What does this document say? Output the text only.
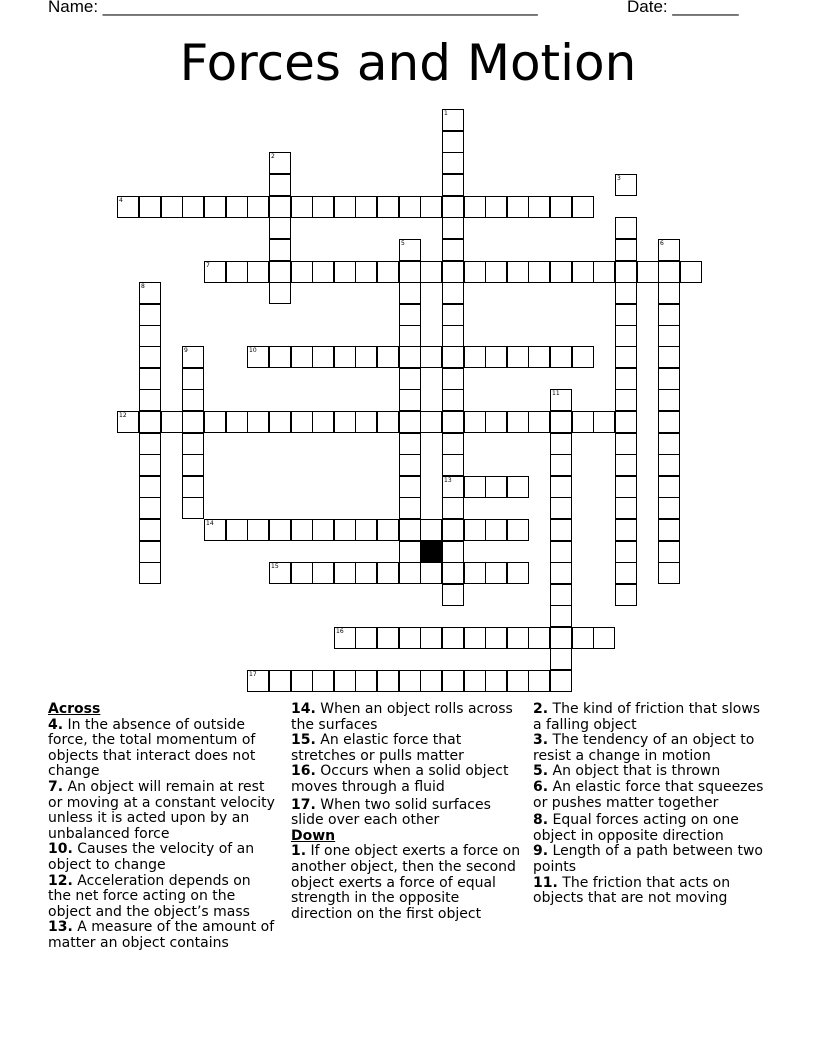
Name: ______________________________________________	Date: _______
Forces and Motion
4
7
10
12
13
14
15
16
17
1
2
3
5	6
8
9
11
Across
4. In the absence of outside force, the total momentum of objects that interact does not change
7. An object will remain at rest or moving at a constant velocity unless it is acted upon by an unbalanced force
10. Causes the velocity of an object to change
12. Acceleration depends on the net force acting on the object and the object’s mass
13. A measure of the amount of matter an object contains
14. When an object rolls across the surfaces
15. An elastic force that stretches or pulls matter
16. Occurs when a solid object moves through a fluid
17. When two solid surfaces slide over each other
Down
1. If one object exerts a force on another object, then the second object exerts a force of equal strength in the opposite direction on the first object
2. The kind of friction that slows a falling object
3. The tendency of an object to resist a change in motion
5. An object that is thrown
6. An elastic force that squeezes or pushes matter together
8. Equal forces acting on one object in opposite direction
9. Length of a path between two points
11. The friction that acts on objects that are not moving
